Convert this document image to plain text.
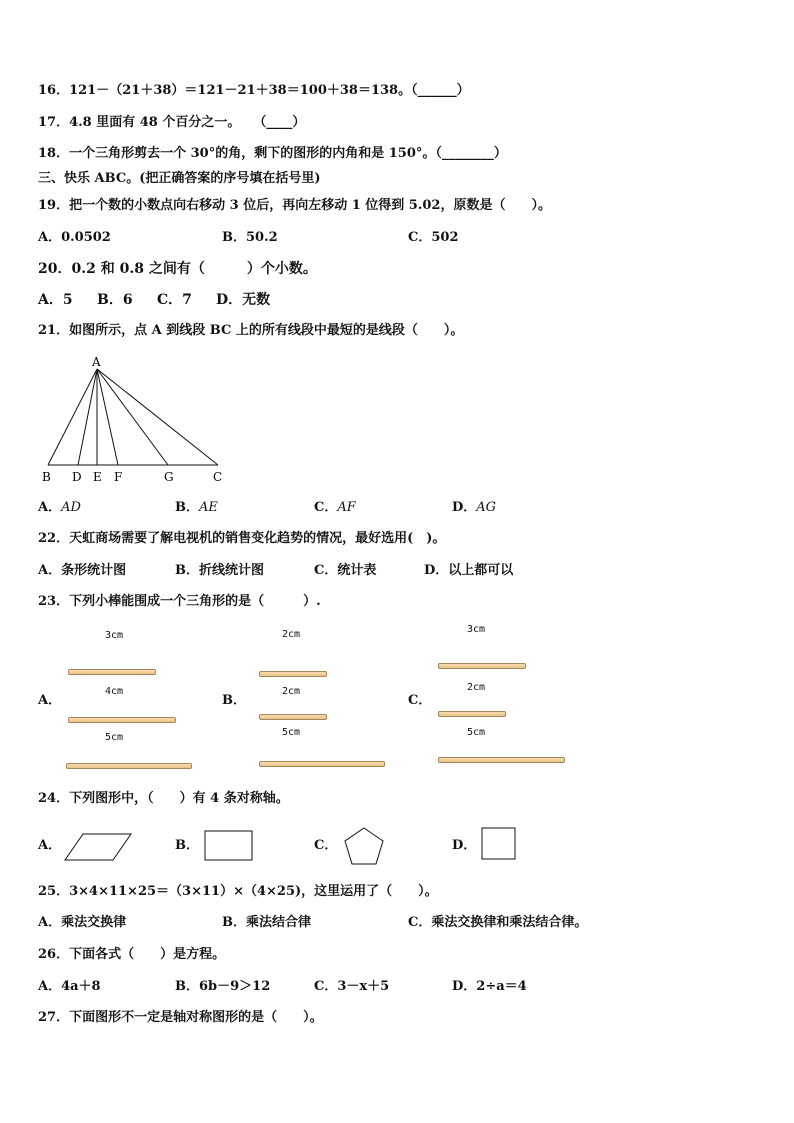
16．121－（21＋38）＝121－21＋38＝100＋38＝138。（______）
17．4.8 里面有 48 个百分之一。　　（____）
18．一个三角形剪去一个 30°的角，剩下的图形的内角和是 150°。（________）
三、快乐 ABC。(把正确答案的序号填在括号里)
19．把一个数的小数点向右移动 3 位后，再向左移动 1 位得到 5.02，原数是（　　）。
A．0.0502	B．50.2	C．502
20．0.2 和 0.8 之间有（　　　）个小数。
A．5 B．6 C．7 D．无数
21．如图所示，点 A 到线段 BC 上的所有线段中最短的是线段（　　）。
A
B D E F	G	C
A．AD	B．AE	C．AF	D．AG
22．天虹商场需要了解电视机的销售变化趋势的情况，最好选用(　)。
A．条形统计图	B．折线统计图	C．统计表	D．以上都可以
23．下列小棒能围成一个三角形的是（　　　）.
A．
3cm
4cm
5cm
B．
2cm
2cm
5cm
C．
3cm
2cm
5cm
24．下列图形中，（　　）有 4 条对称轴。
A．	B．	C．	D．
25．3×4×11×25＝（3×11）×（4×25)，这里运用了（　　）。
A．乘法交换律	B．乘法结合律	C．乘法交换律和乘法结合律。
26．下面各式（　　）是方程。
A．4a＋8	B．6b－9＞12	C．3－x＋5	D．2÷a＝4
27．下面图形不一定是轴对称图形的是（　　）。
